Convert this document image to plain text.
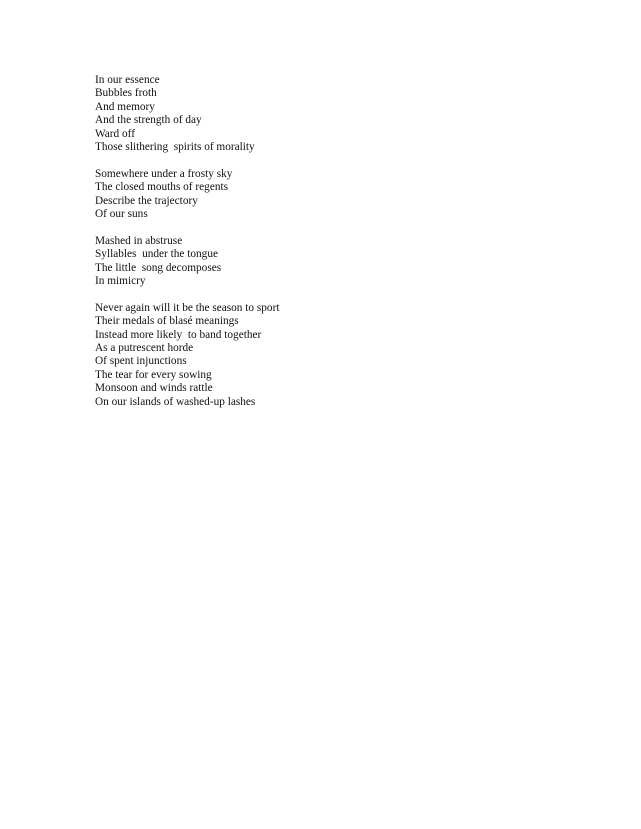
In our essence
Bubbles froth
And memory
And the strength of day
Ward off
Those slithering  spirits of morality
Somewhere under a frosty sky
The closed mouths of regents
Describe the trajectory
Of our suns
Mashed in abstruse
Syllables  under the tongue
The little  song decomposes
In mimicry
Never again will it be the season to sport
Their medals of blasé meanings
Instead more likely  to band together
As a putrescent horde
Of spent injunctions
The tear for every sowing
Monsoon and winds rattle
On our islands of washed-up lashes
